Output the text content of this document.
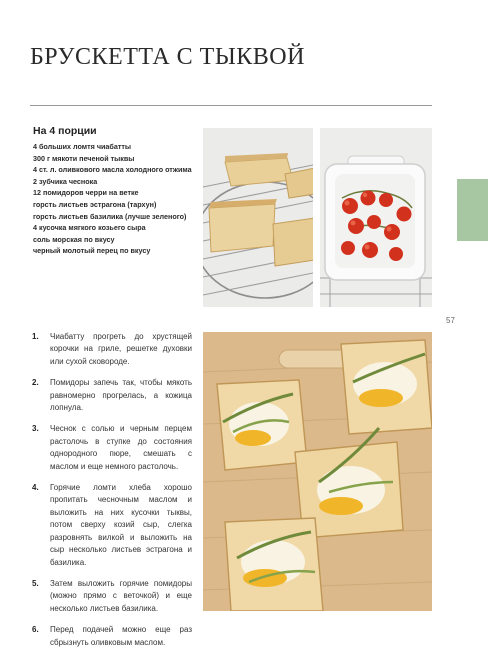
БРУСКЕТТА С ТЫКВОЙ
На 4 порции
4 больших ломтя чиабатты
300 г мякоти печеной тыквы
4 ст. л. оливкового масла холодного отжима
2 зубчика чеснока
12 помидоров черри на ветке
горсть листьев эстрагона (тархун)
горсть листьев базилика (лучше зеленого)
4 кусочка мягкого козьего сыра
соль морская по вкусу
черный молотый перец по вкусу
57
1. Чиабатту прогреть до хрустящей корочки на гриле, решетке духовки или сухой сковороде.
2. Помидоры запечь так, чтобы мякоть равномерно прогрелась, а кожица лопнула.
3. Чеснок с солью и черным перцем растолочь в ступке до состояния однородного пюре, смешать с маслом и еще немного растолочь.
4. Горячие ломти хлеба хорошо пропитать чесночным маслом и выложить на них кусочки тыквы, потом сверху козий сыр, слегка разровнять вилкой и выложить на сыр несколько листьев эстрагона и базилика.
5. Затем выложить горячие помидоры (можно прямо с веточкой) и еще несколько листьев базилика.
6. Перед подачей можно еще раз сбрызнуть оливковым маслом.
